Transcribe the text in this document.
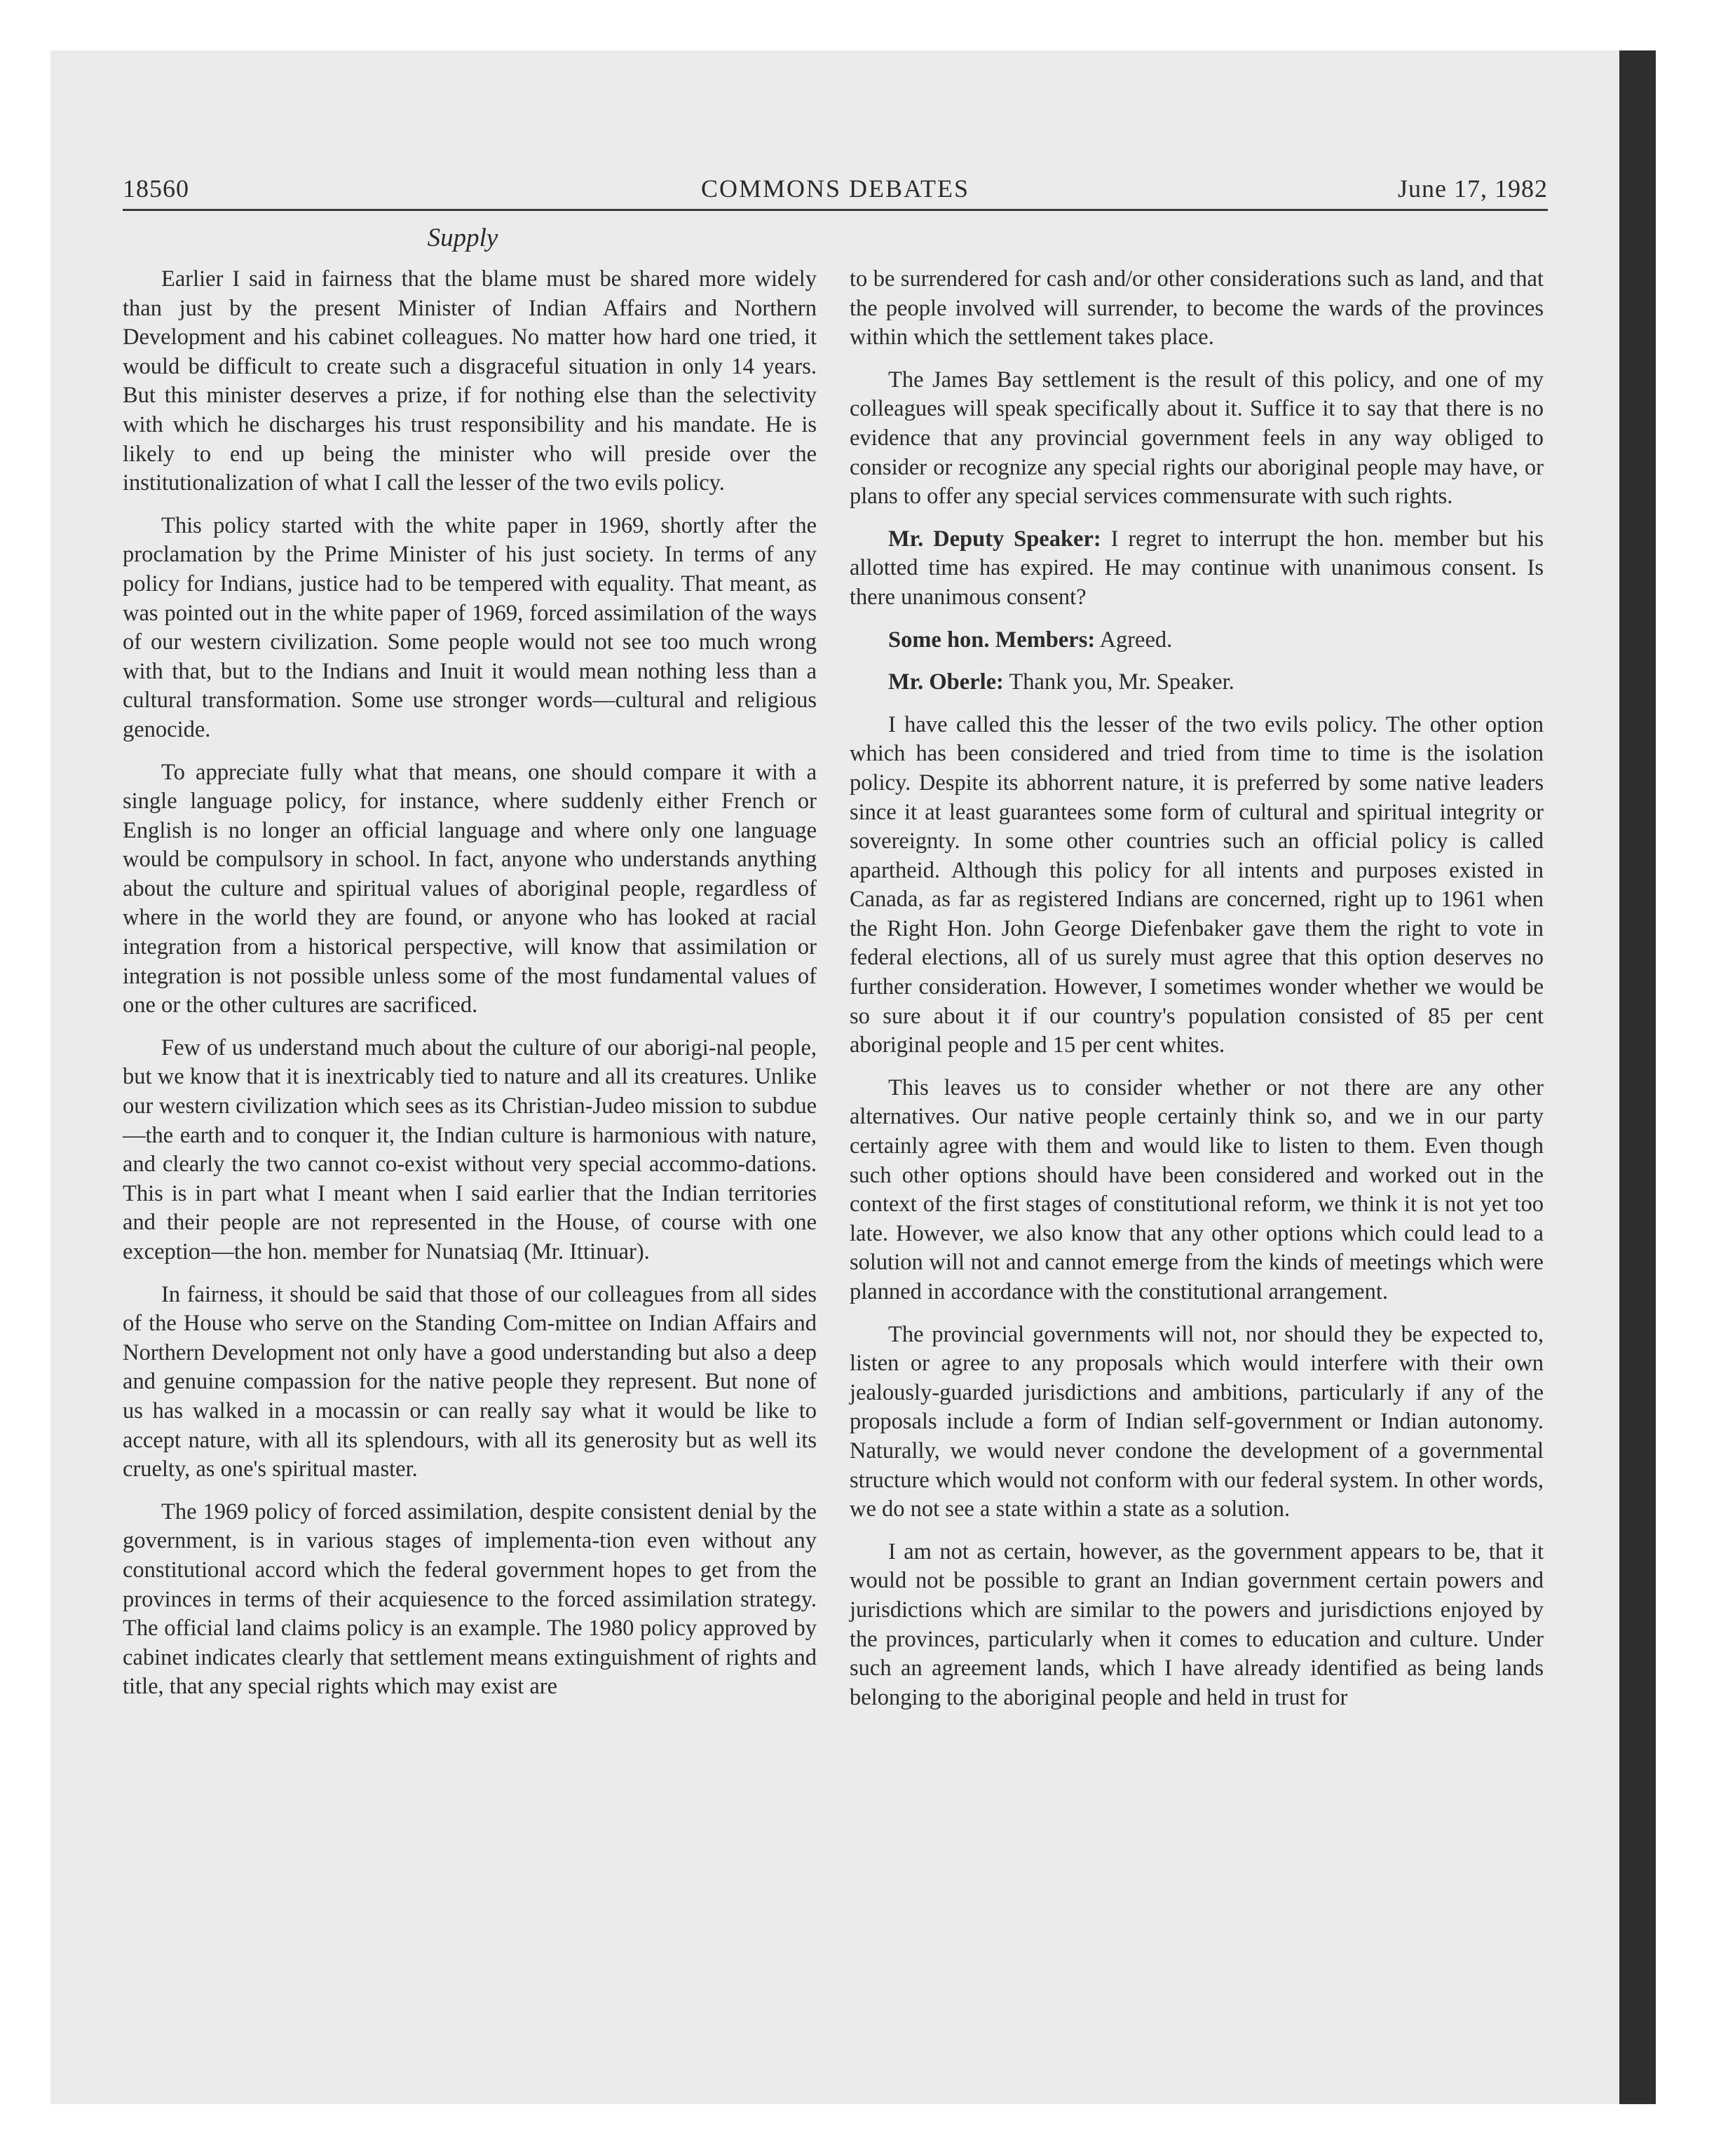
18560	COMMONS DEBATES	June 17, 1982
Supply

Earlier I said in fairness that the blame must be shared more widely than just by the present Minister of Indian Affairs and Northern Development and his cabinet colleagues. No matter how hard one tried, it would be difficult to create such a disgraceful situation in only 14 years. But this minister deserves a prize, if for nothing else than the selectivity with which he discharges his trust responsibility and his mandate. He is likely to end up being the minister who will preside over the institutionalization of what I call the lesser of the two evils policy.

This policy started with the white paper in 1969, shortly after the proclamation by the Prime Minister of his just society. In terms of any policy for Indians, justice had to be tempered with equality. That meant, as was pointed out in the white paper of 1969, forced assimilation of the ways of our western civilization. Some people would not see too much wrong with that, but to the Indians and Inuit it would mean nothing less than a cultural transformation. Some use stronger words—cultural and religious genocide.

To appreciate fully what that means, one should compare it with a single language policy, for instance, where suddenly either French or English is no longer an official language and where only one language would be compulsory in school. In fact, anyone who understands anything about the culture and spiritual values of aboriginal people, regardless of where in the world they are found, or anyone who has looked at racial integration from a historical perspective, will know that assimilation or integration is not possible unless some of the most fundamental values of one or the other cultures are sacrificed.

Few of us understand much about the culture of our aborigi-nal people, but we know that it is inextricably tied to nature and all its creatures. Unlike our western civilization which sees as its Christian-Judeo mission to subdue—the earth and to conquer it, the Indian culture is harmonious with nature, and clearly the two cannot co-exist without very special accommo-dations. This is in part what I meant when I said earlier that the Indian territories and their people are not represented in the House, of course with one exception—the hon. member for Nunatsiaq (Mr. Ittinuar).

In fairness, it should be said that those of our colleagues from all sides of the House who serve on the Standing Com-mittee on Indian Affairs and Northern Development not only have a good understanding but also a deep and genuine compassion for the native people they represent. But none of us has walked in a mocassin or can really say what it would be like to accept nature, with all its splendours, with all its generosity but as well its cruelty, as one's spiritual master.

The 1969 policy of forced assimilation, despite consistent denial by the government, is in various stages of implementa-tion even without any constitutional accord which the federal government hopes to get from the provinces in terms of their acquiesence to the forced assimilation strategy. The official land claims policy is an example. The 1980 policy approved by cabinet indicates clearly that settlement means extinguishment of rights and title, that any special rights which may exist are

to be surrendered for cash and/or other considerations such as land, and that the people involved will surrender, to become the wards of the provinces within which the settlement takes place.

The James Bay settlement is the result of this policy, and one of my colleagues will speak specifically about it. Suffice it to say that there is no evidence that any provincial government feels in any way obliged to consider or recognize any special rights our aboriginal people may have, or plans to offer any special services commensurate with such rights.

Mr. Deputy Speaker: I regret to interrupt the hon. member but his allotted time has expired. He may continue with unanimous consent. Is there unanimous consent?

Some hon. Members: Agreed.

Mr. Oberle: Thank you, Mr. Speaker.

I have called this the lesser of the two evils policy. The other option which has been considered and tried from time to time is the isolation policy. Despite its abhorrent nature, it is preferred by some native leaders since it at least guarantees some form of cultural and spiritual integrity or sovereignty. In some other countries such an official policy is called apartheid. Although this policy for all intents and purposes existed in Canada, as far as registered Indians are concerned, right up to 1961 when the Right Hon. John George Diefenbaker gave them the right to vote in federal elections, all of us surely must agree that this option deserves no further consideration. However, I sometimes wonder whether we would be so sure about it if our country's population consisted of 85 per cent aboriginal people and 15 per cent whites.

This leaves us to consider whether or not there are any other alternatives. Our native people certainly think so, and we in our party certainly agree with them and would like to listen to them. Even though such other options should have been considered and worked out in the context of the first stages of constitutional reform, we think it is not yet too late. However, we also know that any other options which could lead to a solution will not and cannot emerge from the kinds of meetings which were planned in accordance with the constitutional arrangement.

The provincial governments will not, nor should they be expected to, listen or agree to any proposals which would interfere with their own jealously-guarded jurisdictions and ambitions, particularly if any of the proposals include a form of Indian self-government or Indian autonomy. Naturally, we would never condone the development of a governmental structure which would not conform with our federal system. In other words, we do not see a state within a state as a solution.

I am not as certain, however, as the government appears to be, that it would not be possible to grant an Indian government certain powers and jurisdictions which are similar to the powers and jurisdictions enjoyed by the provinces, particularly when it comes to education and culture. Under such an agreement lands, which I have already identified as being lands belonging to the aboriginal people and held in trust for
